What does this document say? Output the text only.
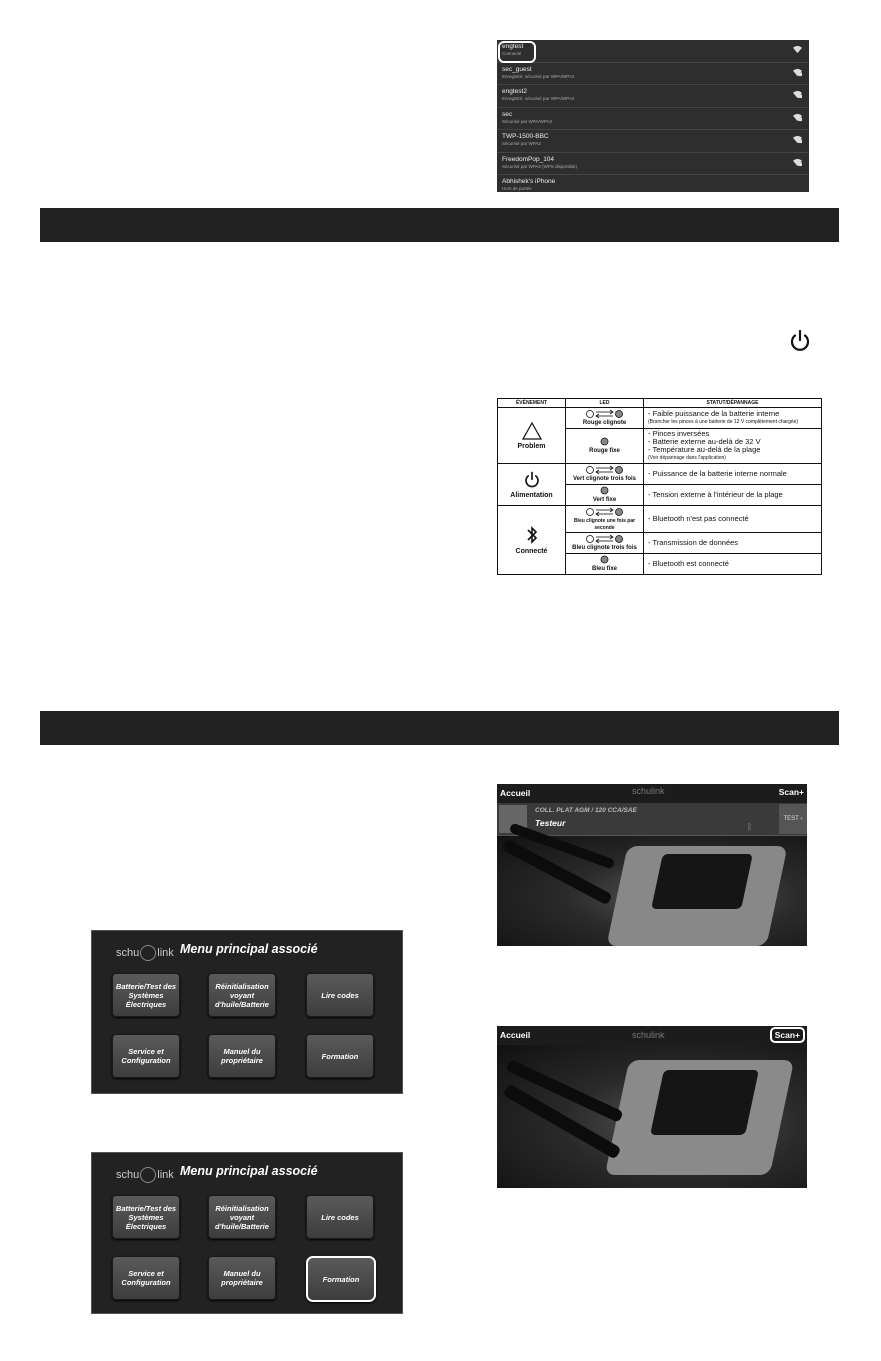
engtest
Connecté
sec_guest
Enregistré, sécurisé par WPA/WPA2
engtest2
Enregistré, sécurisé par WPA/WPA2
sec
Sécurisé par WPA/WPA2
TWP-1500-BBC
Sécurisé par WPA2
FreedomPop_104
Sécurisé par WPA2 (WPS disponible)
Abhishek's iPhone
Hors de portée
ÉVÉNEMENT	LED	STATUT/DÉPANNAGE

Problem	Rouge clignote	- Faible puissance de la batterie interne
(Brancher les pinces à une batterie de 12 V complètement chargée)

	Rouge fixe	- Pinces inversées
- Batterie externe au-delà de 32 V
- Température au-delà de la plage
(Voir dépannage dans l'application)

Alimentation	Vert clignote trois fois	- Puissance de la batterie interne normale

	Vert fixe	- Tension externe à l'intérieur de la plage

Connecté	Bleu clignote une fois par seconde	- Bluetooth n'est pas connecté

	Bleu clignote trois fois	- Transmission de données

	Bleu fixe	- Bluetooth est connecté
schu link Menu principal associé
Batterie/Test des Systèmes Électriques
Réinitialisation voyant d'huile/Batterie
Lire codes
Service et Configuration
Manuel du propriétaire	Formation
schu link Menu principal associé
Batterie/Test des Systèmes Électriques
Réinitialisation voyant d'huile/Batterie
Lire codes
Service et Configuration
Manuel du propriétaire	Formation
Accueil	schulink	Scan+
COLL. PLAT AGM / 120 CCA/SAE
Testeur	ᛒ
TEST ›
Accueil	schulink	Scan+
